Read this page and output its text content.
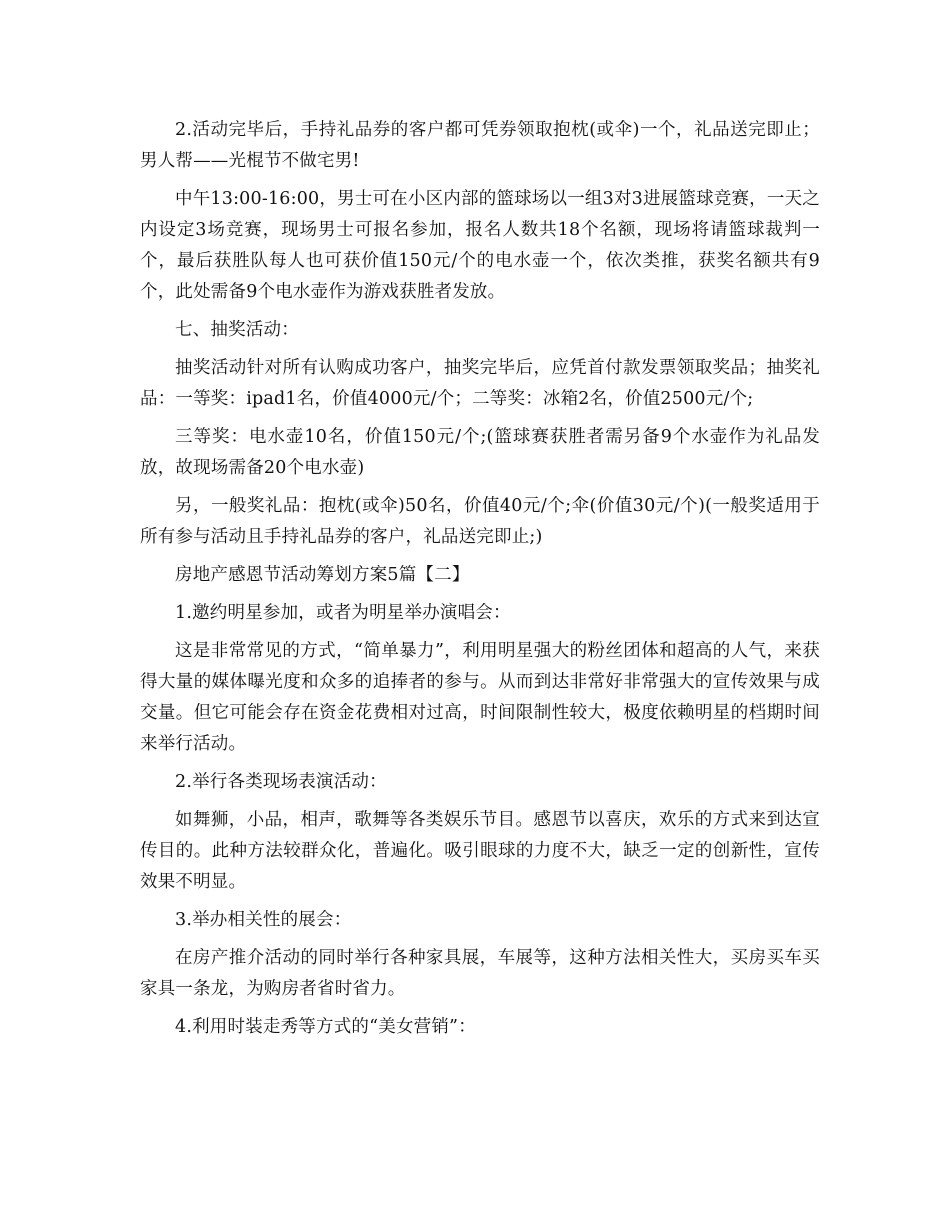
2.活动完毕后，手持礼品券的客户都可凭券领取抱枕(或伞)一个，礼品送完即止；男人帮——光棍节不做宅男!

中午13:00-16:00，男士可在小区内部的篮球场以一组3对3进展篮球竞赛，一天之内设定3场竞赛，现场男士可报名参加，报名人数共18个名额，现场将请篮球裁判一个，最后获胜队每人也可获价值150元/个的电水壶一个，依次类推，获奖名额共有9个，此处需备9个电水壶作为游戏获胜者发放。

七、抽奖活动：

抽奖活动针对所有认购成功客户，抽奖完毕后，应凭首付款发票领取奖品；抽奖礼品：一等奖：ipad1名，价值4000元/个；二等奖：冰箱2名，价值2500元/个;

三等奖：电水壶10名，价值150元/个;(篮球赛获胜者需另备9个水壶作为礼品发放，故现场需备20个电水壶)

另，一般奖礼品：抱枕(或伞)50名，价值40元/个;伞(价值30元/个)(一般奖适用于所有参与活动且手持礼品券的客户，礼品送完即止;)

房地产感恩节活动筹划方案5篇【二】

1.邀约明星参加，或者为明星举办演唱会：

这是非常常见的方式，“简单暴力”，利用明星强大的粉丝团体和超高的人气，来获得大量的媒体曝光度和众多的追捧者的参与。从而到达非常好非常强大的宣传效果与成交量。但它可能会存在资金花费相对过高，时间限制性较大，极度依赖明星的档期时间来举行活动。

2.举行各类现场表演活动：

如舞狮，小品，相声，歌舞等各类娱乐节目。感恩节以喜庆，欢乐的方式来到达宣传目的。此种方法较群众化，普遍化。吸引眼球的力度不大，缺乏一定的创新性，宣传效果不明显。

3.举办相关性的展会：

在房产推介活动的同时举行各种家具展，车展等，这种方法相关性大，买房买车买家具一条龙，为购房者省时省力。

4.利用时装走秀等方式的“美女营销”：
